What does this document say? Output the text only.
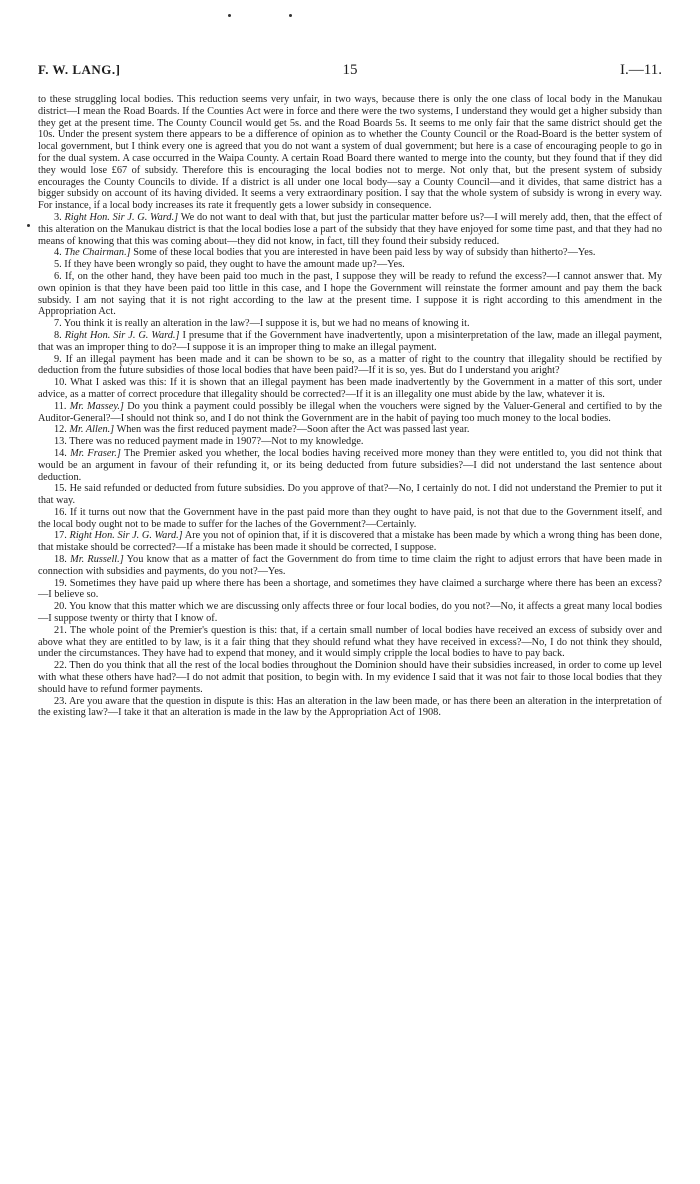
F. W. LANG.]	15	I.—11.

to these struggling local bodies. This reduction seems very unfair, in two ways, because there is only the one class of local body in the Manukau district—I mean the Road Boards. If the Counties Act were in force and there were the two systems, I understand they would get a higher subsidy than they get at the present time. The County Council would get 5s. and the Road Boards 5s. It seems to me only fair that the same district should get the 10s. Under the present system there appears to be a difference of opinion as to whether the County Council or the Road-Board is the better system of local government, but I think every one is agreed that you do not want a system of dual government; but here is a case of encouraging people to go in for the dual system. A case occurred in the Waipa County. A certain Road Board there wanted to merge into the county, but they found that if they did they would lose £67 of subsidy. Therefore this is encouraging the local bodies not to merge. Not only that, but the present system of subsidy encourages the County Councils to divide. If a district is all under one local body—say a County Council—and it divides, that same district has a bigger subsidy on account of its having divided. It seems a very extraordinary position. I say that the whole system of subsidy is wrong in every way. For instance, if a local body increases its rate it frequently gets a lower subsidy in consequence.

3. Right Hon. Sir J. G. Ward.] We do not want to deal with that, but just the particular matter before us?—I will merely add, then, that the effect of this alteration on the Manukau district is that the local bodies lose a part of the subsidy that they have enjoyed for some time past, and that they had no means of knowing that this was coming about—they did not know, in fact, till they found their subsidy reduced.

4. The Chairman.] Some of these local bodies that you are interested in have been paid less by way of subsidy than hitherto?—Yes.

5. If they have been wrongly so paid, they ought to have the amount made up?—Yes.

6. If, on the other hand, they have been paid too much in the past, I suppose they will be ready to refund the excess?—I cannot answer that. My own opinion is that they have been paid too little in this case, and I hope the Government will reinstate the former amount and pay them the back subsidy. I am not saying that it is not right according to the law at the present time. I suppose it is right according to this amendment in the Appropriation Act.

7. You think it is really an alteration in the law?—I suppose it is, but we had no means of knowing it.

8. Right Hon. Sir J. G. Ward.] I presume that if the Government have inadvertently, upon a misinterpretation of the law, made an illegal payment, that was an improper thing to do?—I suppose it is an improper thing to make an illegal payment.

9. If an illegal payment has been made and it can be shown to be so, as a matter of right to the country that illegality should be rectified by deduction from the future subsidies of those local bodies that have been paid?—If it is so, yes. But do I understand you aright?

10. What I asked was this: If it is shown that an illegal payment has been made inadvertently by the Government in a matter of this sort, under advice, as a matter of correct procedure that illegality should be corrected?—If it is an illegality one must abide by the law, whatever it is.

11. Mr. Massey.] Do you think a payment could possibly be illegal when the vouchers were signed by the Valuer-General and certified to by the Auditor-General?—I should not think so, and I do not think the Government are in the habit of paying too much money to the local bodies.

12. Mr. Allen.] When was the first reduced payment made?—Soon after the Act was passed last year.

13. There was no reduced payment made in 1907?—Not to my knowledge.

14. Mr. Fraser.] The Premier asked you whether, the local bodies having received more money than they were entitled to, you did not think that would be an argument in favour of their refunding it, or its being deducted from future subsidies?—I did not understand the last sentence about deduction.

15. He said refunded or deducted from future subsidies. Do you approve of that?—No, I certainly do not. I did not understand the Premier to put it that way.

16. If it turns out now that the Government have in the past paid more than they ought to have paid, is not that due to the Government itself, and the local body ought not to be made to suffer for the laches of the Government?—Certainly.

17. Right Hon. Sir J. G. Ward.] Are you not of opinion that, if it is discovered that a mistake has been made by which a wrong thing has been done, that mistake should be corrected?—If a mistake has been made it should be corrected, I suppose.

18. Mr. Russell.] You know that as a matter of fact the Government do from time to time claim the right to adjust errors that have been made in connection with subsidies and payments, do you not?—Yes.

19. Sometimes they have paid up where there has been a shortage, and sometimes they have claimed a surcharge where there has been an excess?—I believe so.

20. You know that this matter which we are discussing only affects three or four local bodies, do you not?—No, it affects a great many local bodies—I suppose twenty or thirty that I know of.

21. The whole point of the Premier's question is this: that, if a certain small number of local bodies have received an excess of subsidy over and above what they are entitled to by law, is it a fair thing that they should refund what they have received in excess?—No, I do not think they should, under the circumstances. They have had to expend that money, and it would simply cripple the local bodies to have to pay back.

22. Then do you think that all the rest of the local bodies throughout the Dominion should have their subsidies increased, in order to come up level with what these others have had?—I do not admit that position, to begin with. In my evidence I said that it was not fair to those local bodies that they should have to refund former payments.

23. Are you aware that the question in dispute is this: Has an alteration in the law been made, or has there been an alteration in the interpretation of the existing law?—I take it that an alteration is made in the law by the Appropriation Act of 1908.
